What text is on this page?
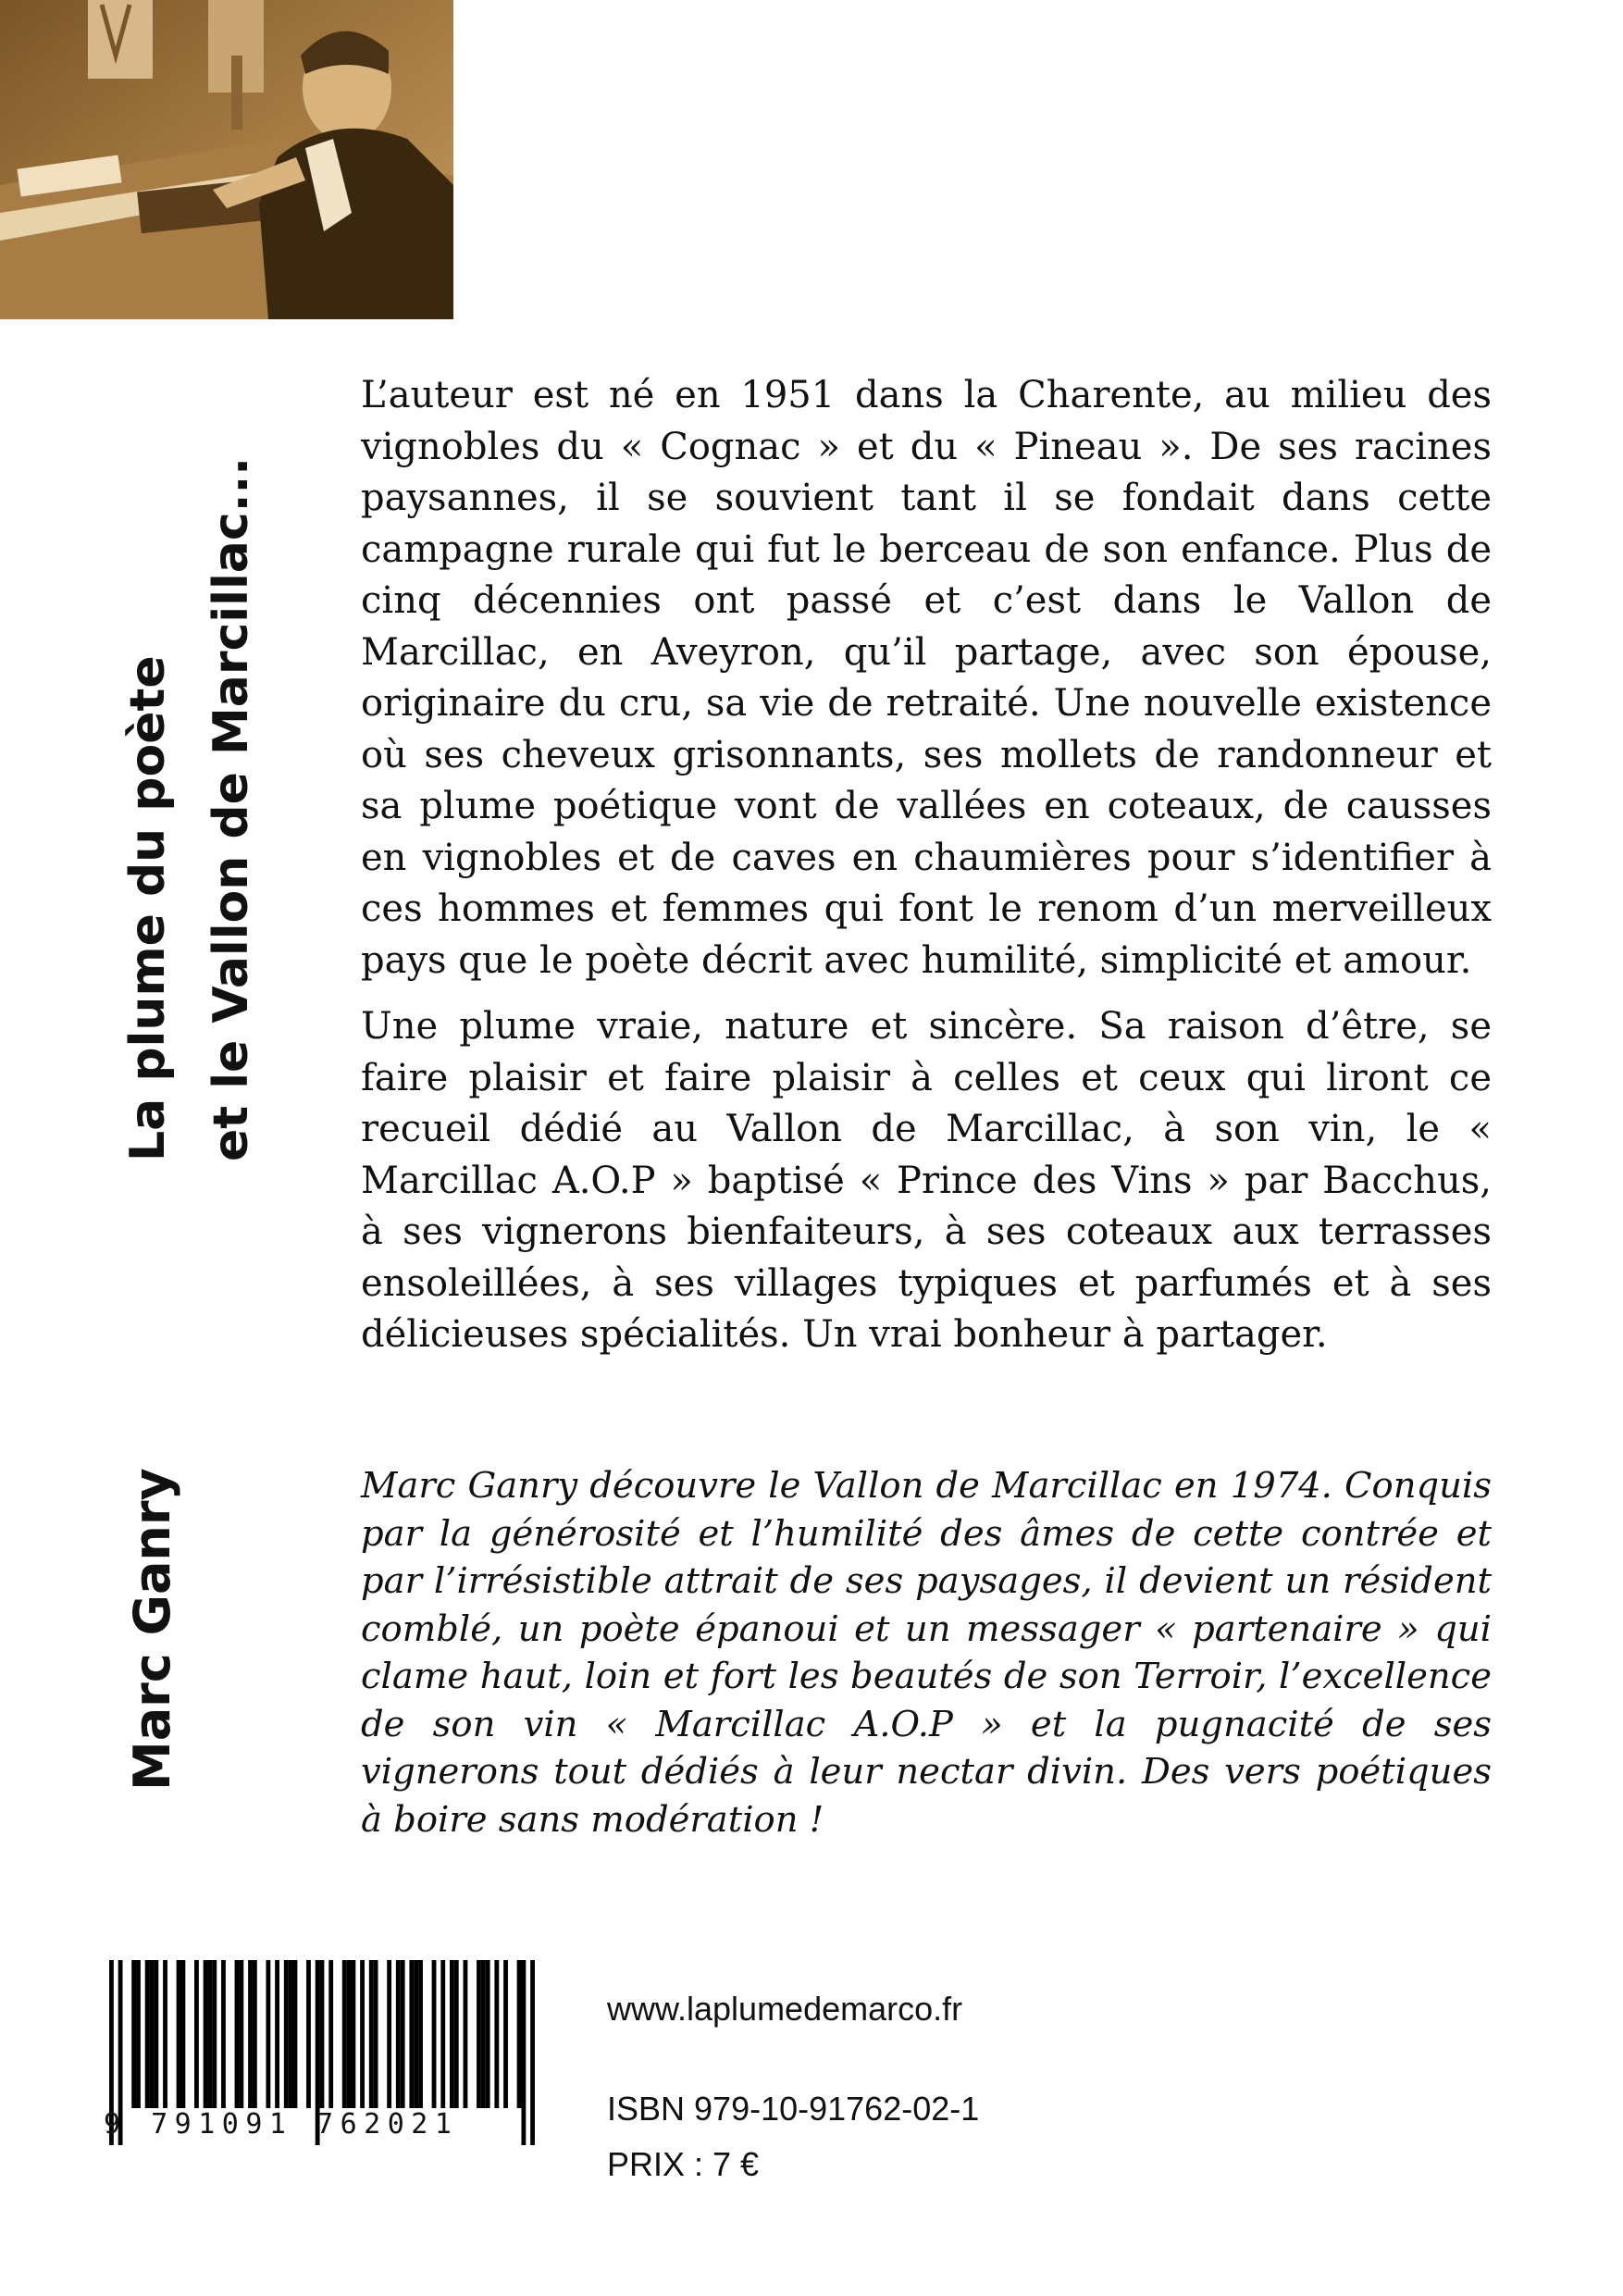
La plume du poète et le Vallon de Marcillac...
Marc Ganry

L’auteur est né en 1951 dans la Charente, au milieu des vignobles du « Cognac » et du « Pineau ». De ses racines paysannes, il se souvient tant il se fondait dans cette campagne rurale qui fut le berceau de son enfance. Plus de cinq décennies ont passé et c’est dans le Vallon de Marcillac, en Aveyron, qu’il partage, avec son épouse, originaire du cru, sa vie de retraité. Une nouvelle existence où ses cheveux grisonnants, ses mollets de randonneur et sa plume poétique vont de vallées en coteaux, de causses en vignobles et de caves en chaumières pour s’identifier à ces hommes et femmes qui font le renom d’un merveilleux pays que le poète décrit avec humilité, simplicité et amour.

Une plume vraie, nature et sincère. Sa raison d’être, se faire plaisir et faire plaisir à celles et ceux qui liront ce recueil dédié au Vallon de Marcillac, à son vin, le « Marcillac A.O.P » baptisé « Prince des Vins » par Bacchus, à ses vignerons bienfaiteurs, à ses coteaux aux terrasses ensoleillées, à ses villages typiques et parfumés et à ses délicieuses spécialités. Un vrai bonheur à partager.

Marc Ganry découvre le Vallon de Marcillac en 1974. Conquis par la générosité et l’humilité des âmes de cette contrée et par l’irrésistible attrait de ses paysages, il devient un résident comblé, un poète épanoui et un messager « partenaire » qui clame haut, loin et fort les beautés de son Terroir, l’excellence de son vin « Marcillac A.O.P » et la pugnacité de ses vignerons tout dédiés à leur nectar divin. Des vers poétiques à boire sans modération !

9 791091 762021
www.laplumedemarco.fr
ISBN 979-10-91762-02-1
PRIX : 7 €
